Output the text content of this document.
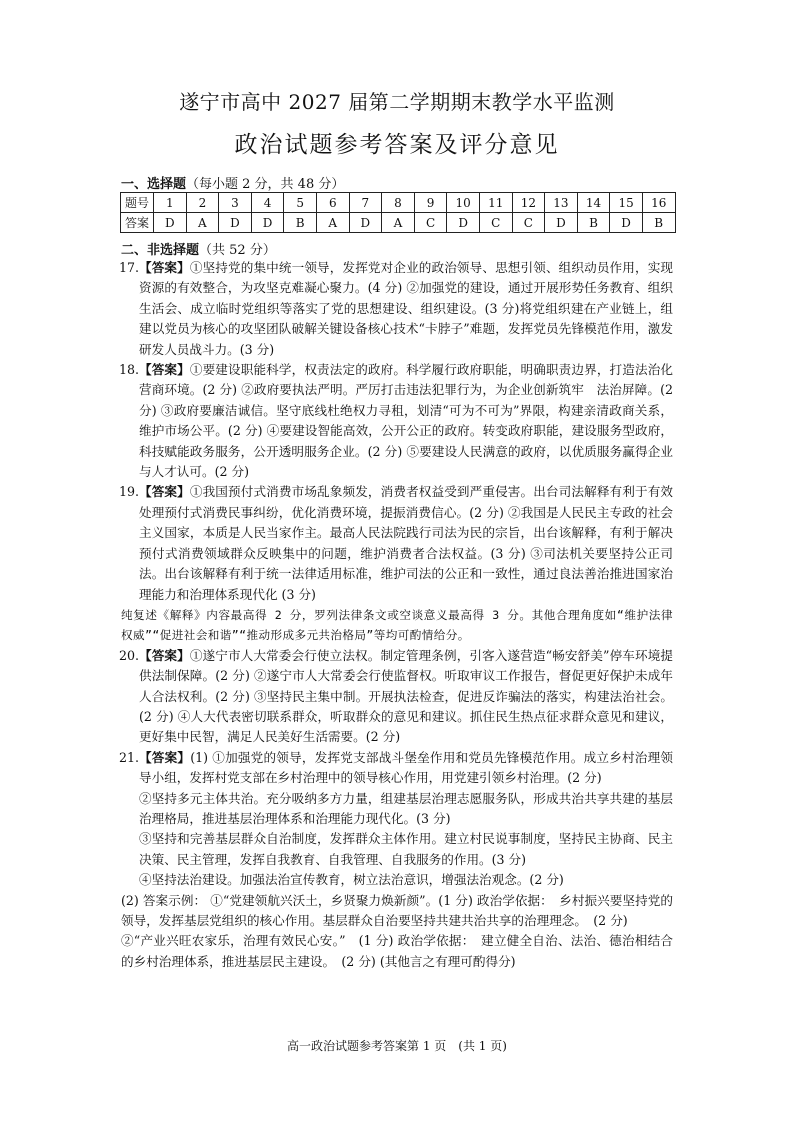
遂宁市高中 2027 届第二学期期末教学水平监测
政治试题参考答案及评分意见
一、选择题（每小题 2 分，共 48 分）
题号	1	2	3	4	5	6	7	8	9	10	11	12	13	14	15	16
答案	D	A	D	D	B	A	D	A	C	D	C	C	D	B	D	B
二、非选择题（共 52 分）
17. 【答案】①坚持党的集中统一领导，发挥党对企业的政治领导、思想引领、组织动员作用，实现资源的有效整合，为攻坚克难凝心聚力。(4 分) ②加强党的建设，通过开展形势任务教育、组织生活会、成立临时党组织等落实了党的思想建设、组织建设。(3 分)将党组织建在产业链上，组建以党员为核心的攻坚团队破解关键设备核心技术“卡脖子”难题，发挥党员先锋模范作用，激发研发人员战斗力。(3 分)
18. 【答案】①要建设职能科学，权责法定的政府。科学履行政府职能，明确职责边界，打造法治化营商环境。(2 分) ②政府要执法严明。严厉打击违法犯罪行为，为企业创新筑牢　法治屏障。(2 分) ③政府要廉洁诚信。坚守底线杜绝权力寻租，划清“可为不可为”界限，构建亲清政商关系，维护市场公平。(2 分) ④要建设智能高效，公开公正的政府。转变政府职能，建设服务型政府，科技赋能政务服务，公开透明服务企业。(2 分) ⑤要建设人民满意的政府，以优质服务赢得企业与人才认可。(2 分)
19. 【答案】①我国预付式消费市场乱象频发，消费者权益受到严重侵害。出台司法解释有利于有效处理预付式消费民事纠纷，优化消费环境，提振消费信心。(2 分) ②我国是人民民主专政的社会主义国家，本质是人民当家作主。最高人民法院践行司法为民的宗旨，出台该解释，有利于解决预付式消费领域群众反映集中的问题，维护消费者合法权益。(3 分) ③司法机关要坚持公正司法。出台该解释有利于统一法律适用标准，维护司法的公正和一致性，通过良法善治推进国家治理能力和治理体系现代化 (3 分)
纯复述《解释》内容最高得 2 分，罗列法律条文或空谈意义最高得 3 分。其他合理角度如“维护法律权威”“促进社会和谐”“推动形成多元共治格局”等均可酌情给分。
20. 【答案】①遂宁市人大常委会行使立法权。制定管理条例，引客入遂营造“畅安舒美”停车环境提供法制保障。(2 分) ②遂宁市人大常委会行使监督权。听取审议工作报告，督促更好保护未成年人合法权利。(2 分) ③坚持民主集中制。开展执法检查，促进反诈骗法的落实，构建法治社会。(2 分) ④人大代表密切联系群众，听取群众的意见和建议。抓住民生热点征求群众意见和建议，更好集中民智，满足人民美好生活需要。(2 分)
21. 【答案】(1) ①加强党的领导，发挥党支部战斗堡垒作用和党员先锋模范作用。成立乡村治理领导小组，发挥村党支部在乡村治理中的领导核心作用，用党建引领乡村治理。(2 分)
②坚持多元主体共治。充分吸纳多方力量，组建基层治理志愿服务队，形成共治共享共建的基层治理格局，推进基层治理体系和治理能力现代化。(3 分)
③坚持和完善基层群众自治制度，发挥群众主体作用。建立村民说事制度，坚持民主协商、民主决策、民主管理，发挥自我教育、自我管理、自我服务的作用。(3 分)
④坚持法治建设。加强法治宣传教育，树立法治意识，增强法治观念。(2 分)
(2) 答案示例： ①“党建领航兴沃土，乡贤聚力焕新颜”。(1 分) 政治学依据：　乡村振兴要坚持党的领导，发挥基层党组织的核心作用。基层群众自治要坚持共建共治共享的治理理念。　(2 分)
②“产业兴旺农家乐，治理有效民心安。”　(1 分) 政治学依据：　建立健全自治、法治、德治相结合的乡村治理体系，推进基层民主建设。　(2 分) (其他言之有理可酌得分)
高一政治试题参考答案第 1 页　(共 1 页)
